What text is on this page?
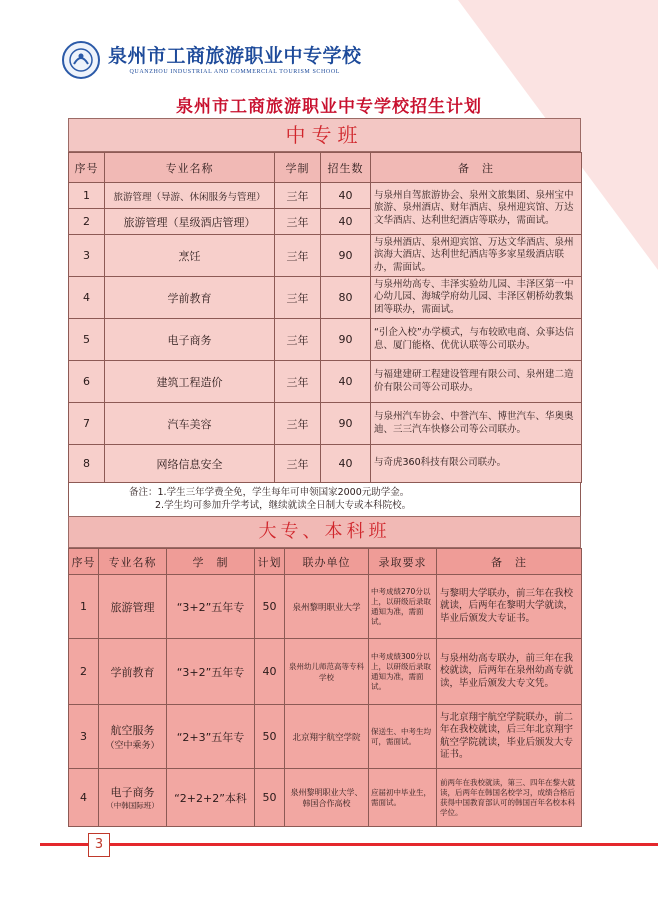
泉州市工商旅游职业中专学校
QUANZHOU INDUSTRIAL AND COMMERCIAL TOURISM SCHOOL
泉州市工商旅游职业中专学校招生计划
中专班
序号	专业名称	学制	招生数	备　注
1	旅游管理（导游、休闲服务与管理）	三年	40	与泉州自驾旅游协会、泉州文旅集团、泉州宝中旅游、泉州酒店、财年酒店、泉州迎宾馆、万达文华酒店、达利世纪酒店等联办，需面试。
2	旅游管理（星级酒店管理）	三年	40	
3	烹饪	三年	90	与泉州酒店、泉州迎宾馆、万达文华酒店、泉州滨海大酒店、达利世纪酒店等多家星级酒店联办，需面试。
4	学前教育	三年	80	与泉州幼高专、丰泽实验幼儿园、丰泽区第一中心幼儿园、海城学府幼儿园、丰泽区朝桥幼教集团等联办，需面试。
5	电子商务	三年	90	“引企入校”办学模式，与布较欧电商、众事达信息、厦门能格、优优认联等公司联办。
6	建筑工程造价	三年	40	与福建建研工程建设管理有限公司、泉州建二造价有限公司等公司联办。
7	汽车美容	三年	90	与泉州汽车协会、中誉汽车、博世汽车、华奥奥迪、三三汽车快修公司等公司联办。
8	网络信息安全	三年	40	与奇虎360科技有限公司联办。
备注：1.学生三年学费全免，学生每年可申领国家2000元助学金。
2.学生均可参加升学考试，继续就读全日制大专或本科院校。
大专、本科班
序号	专业名称	学　制	计划	联办单位	录取要求	备　注
1	旅游管理	“3+2”五年专	50	泉州黎明职业大学	中考成绩270分以上，以研级后录取通知为准，需面试。	与黎明大学联办，前三年在我校就读，后两年在黎明大学就读，毕业后颁发大专证书。
2	学前教育	“3+2”五年专	40	泉州幼儿师范高等专科学校	中考成绩300分以上，以研级后录取通知为准，需面试。	与泉州幼高专联办，前三年在我校就读，后两年在泉州幼高专就读，毕业后颁发大专文凭。
3	航空服务
（空中乘务）	“2+3”五年专	50	北京翔宇航空学院	保送生、中考生均可，需面试。	与北京翔宇航空学院联办，前二年在我校就读，后三年北京翔宇航空学院就读，毕业后颁发大专证书。
4	电子商务
（中韩国际班）	“2+2+2”本科	50	泉州黎明职业大学、韩国合作高校	应届初中毕业生，需面试。	前两年在我校就读，第三、四年在黎大就读，后两年在韩国名校学习，成绩合格后获得中国教育部认可的韩国百年名校本科学位。
3
